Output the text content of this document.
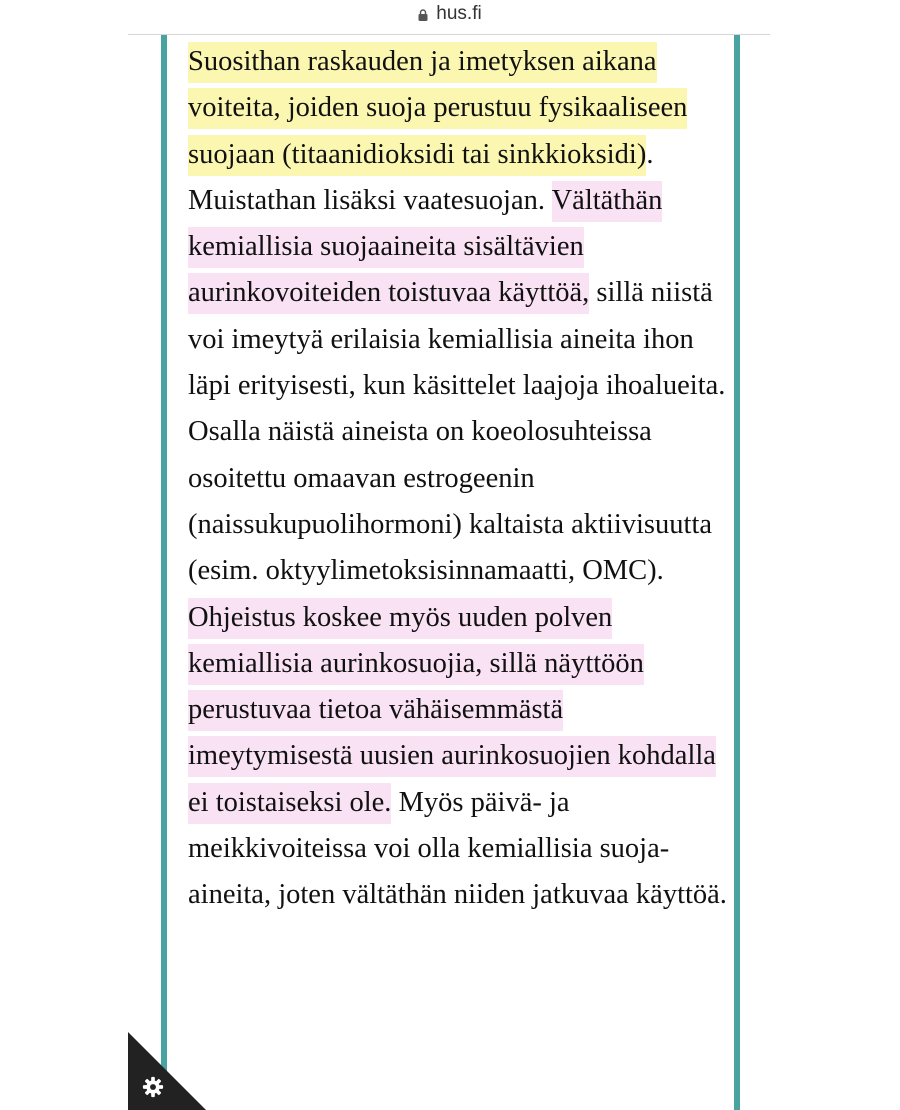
hus.fi
Suosithan raskauden ja imetyksen aikana voiteita, joiden suoja perustuu fysikaaliseen suojaan (titaanidioksidi tai sinkkioksidi). Muistathan lisäksi vaatesuojan. Vältäthän kemiallisia suojaaineita sisältävien aurinkovoiteiden toistuvaa käyttöä, sillä niistä voi imeytyä erilaisia kemiallisia aineita ihon läpi erityisesti, kun käsittelet laajoja ihoalueita. Osalla näistä aineista on koeolosuhteissa osoitettu omaavan estrogeenin (naissukupuolihormoni) kaltaista aktiivisuutta (esim. oktyylimetoksisinnamaatti, OMC).
Ohjeistus koskee myös uuden polven kemiallisia aurinkosuojia, sillä näyttöön perustuvaa tietoa vähäisemmästä imeytymisestä uusien aurinkosuojien kohdalla ei toistaiseksi ole. Myös päivä- ja meikkivoiteissa voi olla kemiallisia suojaaineita, joten vältäthän niiden jatkuvaa käyttöä.
